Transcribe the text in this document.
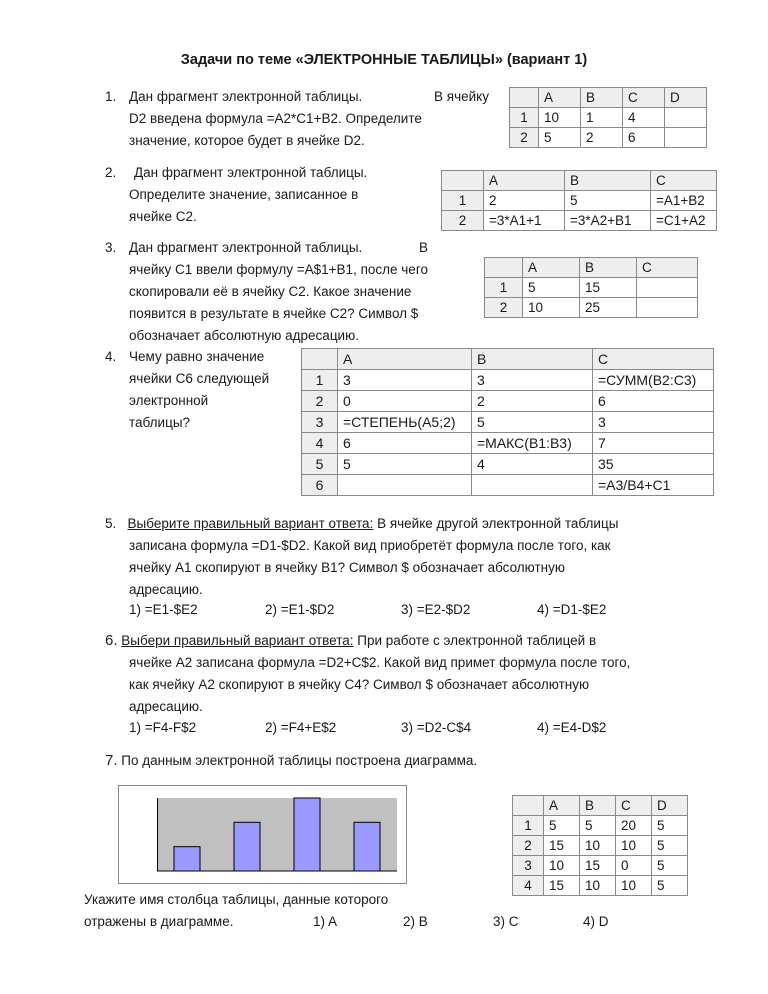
Задачи по теме «ЭЛЕКТРОННЫЕ ТАБЛИЦЫ» (вариант 1)
1. Дан фрагмент электронной таблицы.	В ячейку
D2 введена формула =A2*C1+B2. Определите
значение, которое будет в ячейке D2.
	A	B	C	D
1	10	1	4	
2	5	2	6	
2. Дан фрагмент электронной таблицы.
Определите значение, записанное в
ячейке C2.
	A	B	C
1	2	5	=A1+B2
2	=3*A1+1	=3*A2+B1	=C1+A2
3. Дан фрагмент электронной таблицы.	В
ячейку C1 ввели формулу =A$1+B1, после чего
скопировали её в ячейку C2. Какое значение
появится в результате в ячейке C2? Символ $
обозначает абсолютную адресацию.
	A	B	C
1	5	15	
2	10	25	
4. Чему равно значение
ячейки C6 следующей
электронной
таблицы?
	A	B	C
1	3	3	=СУММ(B2:C3)
2	0	2	6
3	=СТЕПЕНЬ(A5;2)	5	3
4	6	=МАКС(B1:B3)	7
5	5	4	35
6			=A3/B4+C1
5. Выберите правильный вариант ответа: В ячейке другой электронной таблицы
записана формула =D1-$D2. Какой вид приобретёт формула после того, как
ячейку A1 скопируют в ячейку B1? Символ $ обозначает абсолютную
адресацию.
1) =E1-$E2	2) =E1-$D2	3) =E2-$D2	4) =D1-$E2
6. Выбери правильный вариант ответа: При работе с электронной таблицей в
ячейке A2 записана формула =D2+C$2. Какой вид примет формула после того,
как ячейку A2 скопируют в ячейку C4? Символ $ обозначает абсолютную
адресацию.
1) =F4-F$2	2) =F4+E$2	3) =D2-C$4	4) =E4-D$2
7. По данным электронной таблицы построена диаграмма.
	A	B	C	D
1	5	5	20	5
2	15	10	10	5
3	10	15	0	5
4	15	10	10	5
Укажите имя столбца таблицы, данные которого
отражены в диаграмме.	1) A	2) B	3) C	4) D
